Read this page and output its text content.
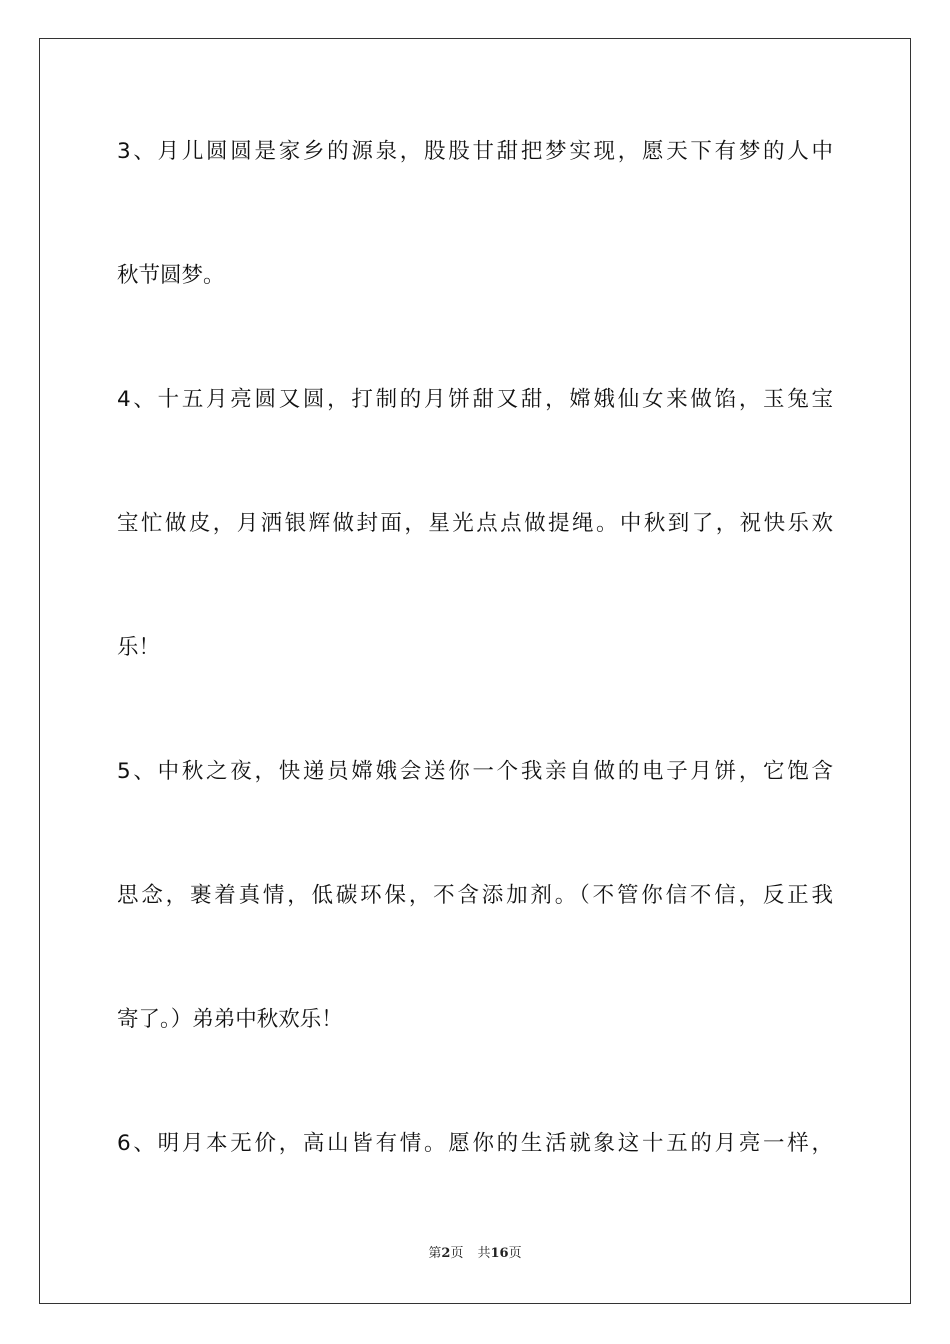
3、月儿圆圆是家乡的源泉，股股甘甜把梦实现，愿天下有梦的人中
秋节圆梦。
4、十五月亮圆又圆，打制的月饼甜又甜，嫦娥仙女来做馅，玉兔宝
宝忙做皮，月洒银辉做封面，星光点点做提绳。中秋到了，祝快乐欢
乐！
5、中秋之夜，快递员嫦娥会送你一个我亲自做的电子月饼，它饱含
思念，裹着真情，低碳环保，不含添加剂。（不管你信不信，反正我
寄了。）弟弟中秋欢乐！
6、明月本无价，高山皆有情。愿你的生活就象这十五的月亮一样，
第2页 共16页
